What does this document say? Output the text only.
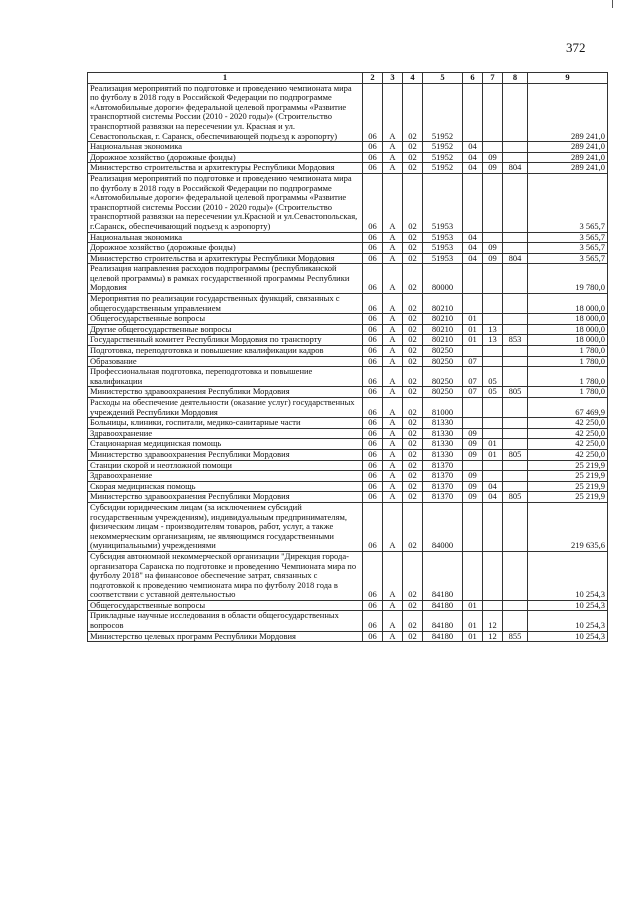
372
1	2	3	4	5	6	7	8	9
Реализация мероприятий по подготовке и проведению чемпионата мира по футболу в 2018 году в Российской Федерации по подпрограмме «Автомобильные дороги» федеральной целевой программы «Развитие транспортной системы России (2010 - 2020 годы)» (Строительство транспортной развязки на пересечении ул. Красная и ул. Севастопольская, г. Саранск, обеспечивающей подъезд к аэропорту)	06	А	02	51952				289 241,0
Национальная экономика	06	А	02	51952	04			289 241,0
Дорожное хозяйство (дорожные фонды)	06	А	02	51952	04	09		289 241,0
Министерство строительства и архитектуры Республики Мордовия	06	А	02	51952	04	09	804	289 241,0
Реализация мероприятий по подготовке и проведению чемпионата мира по футболу в 2018 году в Российской Федерации по подпрограмме «Автомобильные дороги» федеральной целевой программы «Развитие транспортной системы России (2010 - 2020 годы)» (Строительство транспортной развязки на пересечении ул.Красной и ул.Севастопольская, г.Саранск, обеспечивающий подъезд к аэропорту)	06	А	02	51953				3 565,7
Национальная экономика	06	А	02	51953	04			3 565,7
Дорожное хозяйство (дорожные фонды)	06	А	02	51953	04	09		3 565,7
Министерство строительства и архитектуры Республики Мордовия	06	А	02	51953	04	09	804	3 565,7
Реализация направления расходов подпрограммы (республиканской целевой программы) в рамках государственной программы Республики Мордовия	06	А	02	80000				19 780,0
Мероприятия по реализации государственных функций, связанных с общегосударственным управлением	06	А	02	80210				18 000,0
Общегосударственные вопросы	06	А	02	80210	01			18 000,0
Другие общегосударственные вопросы	06	А	02	80210	01	13		18 000,0
Государственный комитет Республики Мордовия по транспорту	06	А	02	80210	01	13	853	18 000,0
Подготовка, переподготовка и повышение квалификации кадров	06	А	02	80250				1 780,0
Образование	06	А	02	80250	07			1 780,0
Профессиональная подготовка, переподготовка и повышение квалификации	06	А	02	80250	07	05		1 780,0
Министерство здравоохранения Республики Мордовия	06	А	02	80250	07	05	805	1 780,0
Расходы на обеспечение деятельности (оказание услуг) государственных учреждений Республики Мордовия	06	А	02	81000				67 469,9
Больницы, клиники, госпитали, медико-санитарные части	06	А	02	81330				42 250,0
Здравоохранение	06	А	02	81330	09			42 250,0
Стационарная медицинская помощь	06	А	02	81330	09	01		42 250,0
Министерство здравоохранения Республики Мордовия	06	А	02	81330	09	01	805	42 250,0
Станции скорой и неотложной помощи	06	А	02	81370				25 219,9
Здравоохранение	06	А	02	81370	09			25 219,9
Скорая медицинская помощь	06	А	02	81370	09	04		25 219,9
Министерство здравоохранения Республики Мордовия	06	А	02	81370	09	04	805	25 219,9
Субсидии юридическим лицам (за исключением субсидий государственным учреждениям), индивидуальным предпринимателям, физическим лицам - производителям товаров, работ, услуг, а также некоммерческим организациям, не являющимся государственными (муниципальными) учреждениями	06	А	02	84000				219 635,6
Субсидия автономной некоммерческой организации "Дирекция города-организатора Саранска по подготовке и проведению Чемпионата мира по футболу 2018" на финансовое обеспечение затрат, связанных с подготовкой к проведению чемпионата мира по футболу 2018 года в соответствии с уставной деятельностью	06	А	02	84180				10 254,3
Общегосударственные вопросы	06	А	02	84180	01			10 254,3
Прикладные научные исследования в области общегосударственных вопросов	06	А	02	84180	01	12		10 254,3
Министерство целевых программ Республики Мордовия	06	А	02	84180	01	12	855	10 254,3
